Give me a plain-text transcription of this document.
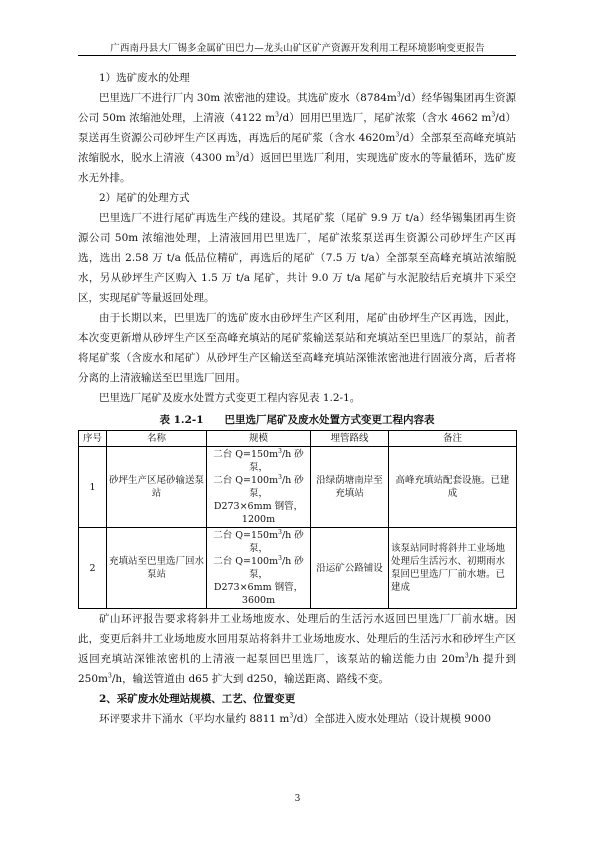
广西南丹县大厂锡多金属矿田巴力—龙头山矿区矿产资源开发利用工程环境影响变更报告

1）选矿废水的处理

巴里选厂不进行厂内 30m 浓密池的建设。其选矿废水$(8784m^3/d)$经华锡集团再生资源公司 50m 浓缩池处理，上清液（4122 $m^3/d$）回用巴里选厂，尾矿浓浆（含水 4662 $m^3/d$）泵送再生资源公司砂坪生产区再选，再选后的尾矿浆（含水 $4620m^3/d$）全部泵至高峰充填站浓缩脱水，脱水上清液（4300 $m^3/d$）返回巴里选厂利用，实现选矿废水的等量循环，选矿废水无外排。

2）尾矿的处理方式

巴里选厂不进行尾矿再选生产线的建设。其尾矿浆（尾矿 9.9 万 t/a）经华锡集团再生资源公司 50m 浓缩池处理，上清液回用巴里选厂，尾矿浓浆泵送再生资源公司砂坪生产区再选，选出 2.58 万 t/a 低品位精矿，再选后的尾矿（7.5 万 t/a）全部泵至高峰充填站浓缩脱水，另从砂坪生产区购入 1.5 万 t/a 尾矿，共计 9.0 万 t/a 尾矿与水泥胶结后充填井下采空区，实现尾矿等量返回处理。

由于长期以来，巴里选厂的选矿废水由砂坪生产区利用，尾矿由砂坪生产区再选，因此，本次变更新增从砂坪生产区至高峰充填站的尾矿浆输送泵站和充填站至巴里选厂的泵站，前者将尾矿浆（含废水和尾矿）从砂坪生产区输送至高峰充填站深锥浓密池进行固液分离，后者将分离的上清液输送至巴里选厂回用。

巴里选厂尾矿及废水处置方式变更工程内容见表 1.2-1。

表 1.2-1　　巴里选厂尾矿及废水处置方式变更工程内容表
序号	名称	规模	埋管路线	备注
1	砂坪生产区尾砂输送泵站	二台 $Q=150m^3/h$ 砂泵，
二台 $Q=100m^3/h$ 砂泵，
D273×6mm 钢管，
1200m	沿绿荫塘南岸至充填站	高峰充填站配套设施。已建成
2	充填站至巴里选厂回水泵站	二台 $Q=150m^3/h$ 砂泵，
二台 $Q=100m^3/h$ 砂泵，
D273×6mm 钢管，
3600m	沿运矿公路铺设	该泵站同时将斜井工业场地处理后生活污水、初期雨水泵回巴里选厂厂前水塘。已建成

矿山环评报告要求将斜井工业场地废水、处理后的生活污水返回巴里选厂厂前水塘。因此，变更后斜井工业场地废水回用泵站将斜井工业场地废水、处理后的生活污水和砂坪生产区返回充填站深锥浓密机的上清液一起泵回巴里选厂，该泵站的输送能力由 $20m^3/h$ 提升到 $250m^3/h$，输送管道由 d65 扩大到 d250，输送距离、路线不变。

2、采矿废水处理站规模、工艺、位置变更

环评要求井下涌水（平均水量约 8811 $m^3/d$）全部进入废水处理站（设计规模 9000

3
